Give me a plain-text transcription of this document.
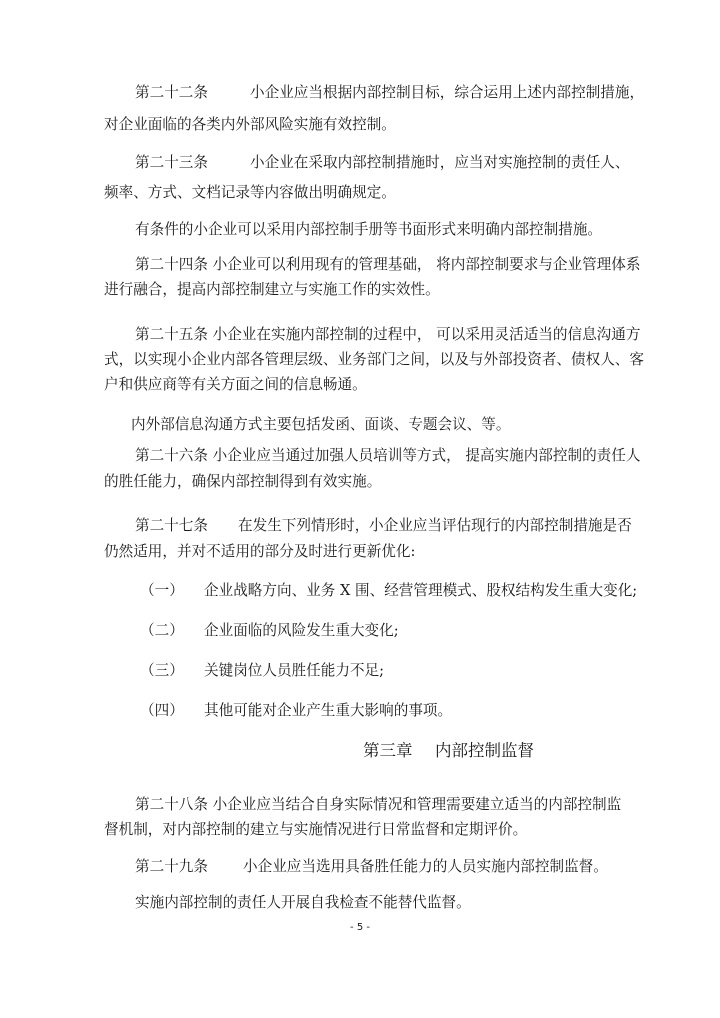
第二十二条	小企业应当根据内部控制目标，综合运用上述内部控制措施，
对企业面临的各类内外部风险实施有效控制。
第二十三条	小企业在采取内部控制措施时，应当对实施控制的责任人、
频率、方式、文档记录等内容做出明确规定。
有条件的小企业可以采用内部控制手册等书面形式来明确内部控制措施。
第二十四条 小企业可以利用现有的管理基础， 将内部控制要求与企业管理体系
进行融合，提高内部控制建立与实施工作的实效性。
第二十五条 小企业在实施内部控制的过程中， 可以采用灵活适当的信息沟通方
式，以实现小企业内部各管理层级、业务部门之间，以及与外部投资者、债权人、客
户和供应商等有关方面之间的信息畅通。
内外部信息沟通方式主要包括发函、面谈、专题会议、等。
第二十六条 小企业应当通过加强人员培训等方式， 提高实施内部控制的责任人
的胜任能力，确保内部控制得到有效实施。
第二十七条 在发生下列情形时， 小企业应当评估现行的内部控制措施是否
仍然适用，并对不适用的部分及时进行更新优化:
（一） 企业战略方向、业务 X 围、经营管理模式、股权结构发生重大变化;
（二） 企业面临的风险发生重大变化;
（三） 关键岗位人员胜任能力不足;
（四） 其他可能对企业产生重大影响的事项。
第三章 内部控制监督
第二十八条 小企业应当结合自身实际情况和管理需要建立适当的内部控制监
督机制，对内部控制的建立与实施情况进行日常监督和定期评价。
第二十九条 小企业应当选用具备胜任能力的人员实施内部控制监督。
实施内部控制的责任人开展自我检查不能替代监督。
- 5 -
